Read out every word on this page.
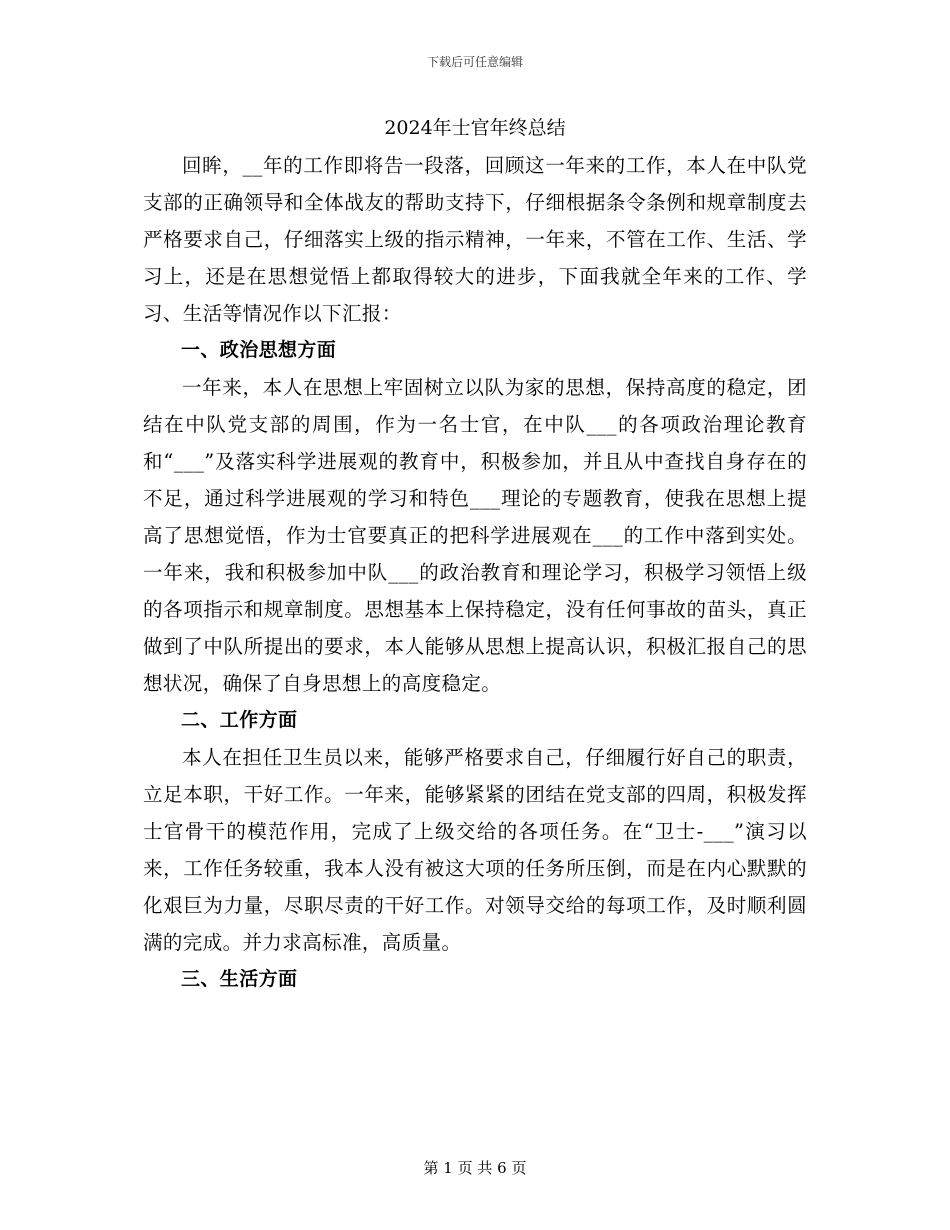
下载后可任意编辑
2024年士官年终总结

回眸，__年的工作即将告一段落，回顾这一年来的工作，本人在中队党支部的正确领导和全体战友的帮助支持下，仔细根据条令条例和规章制度去严格要求自己，仔细落实上级的指示精神，一年来，不管在工作、生活、学习上，还是在思想觉悟上都取得较大的进步，下面我就全年来的工作、学习、生活等情况作以下汇报：

一、政治思想方面

一年来，本人在思想上牢固树立以队为家的思想，保持高度的稳定，团结在中队党支部的周围，作为一名士官，在中队___的各项政治理论教育和“___”及落实科学进展观的教育中，积极参加，并且从中查找自身存在的不足，通过科学进展观的学习和特色___理论的专题教育，使我在思想上提高了思想觉悟，作为士官要真正的把科学进展观在___的工作中落到实处。一年来，我和积极参加中队___的政治教育和理论学习，积极学习领悟上级的各项指示和规章制度。思想基本上保持稳定，没有任何事故的苗头，真正做到了中队所提出的要求，本人能够从思想上提高认识，积极汇报自己的思想状况，确保了自身思想上的高度稳定。

二、工作方面

本人在担任卫生员以来，能够严格要求自己，仔细履行好自己的职责，立足本职，干好工作。一年来，能够紧紧的团结在党支部的四周，积极发挥士官骨干的模范作用，完成了上级交给的各项任务。在“卫士-___”演习以来，工作任务较重，我本人没有被这大项的任务所压倒，而是在内心默默的化艰巨为力量，尽职尽责的干好工作。对领导交给的每项工作，及时顺利圆满的完成。并力求高标准，高质量。

三、生活方面

第 1 页 共 6 页
